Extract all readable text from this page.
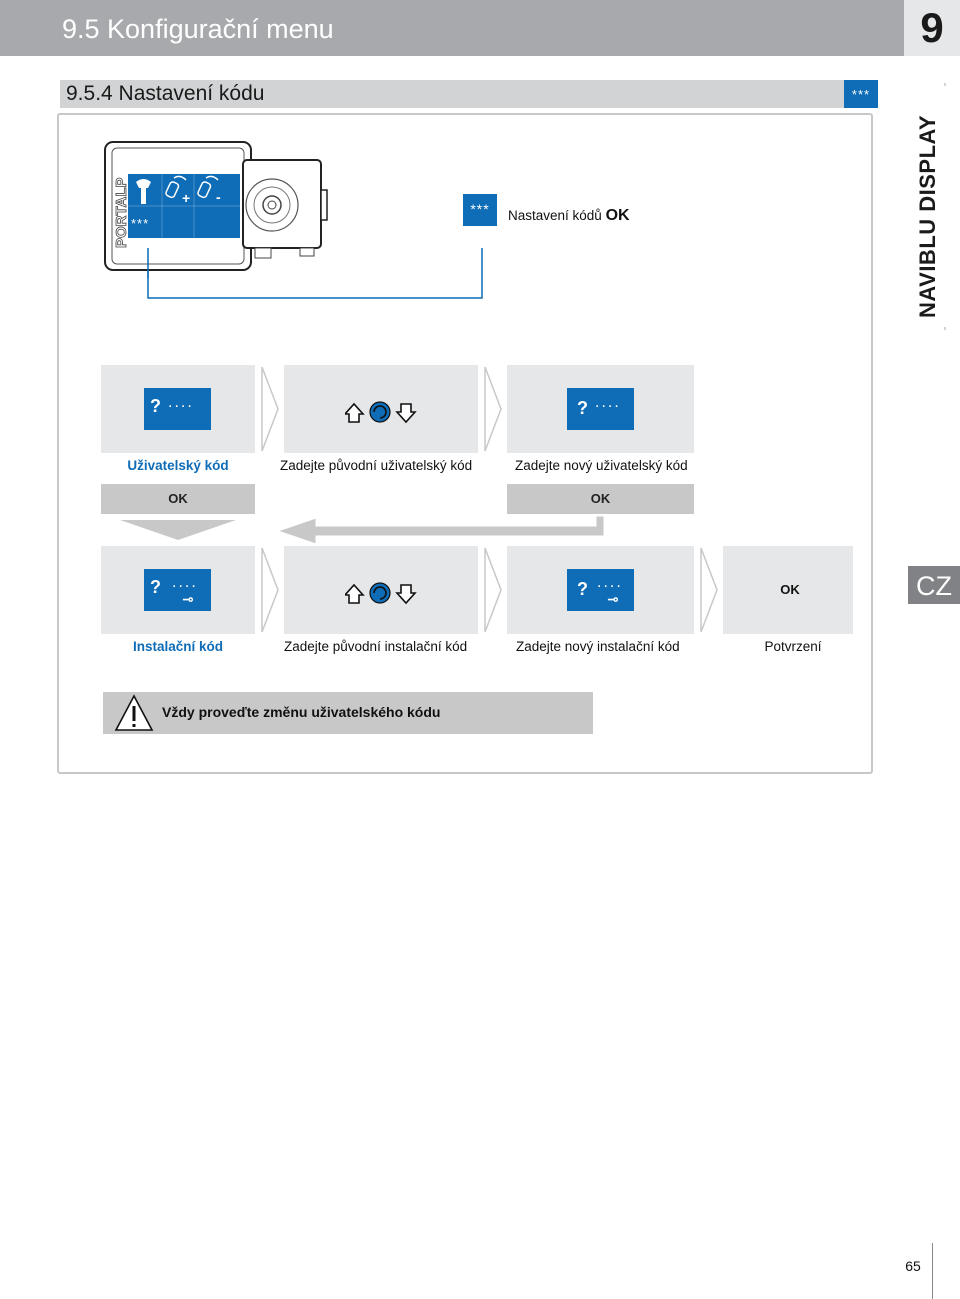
9.5 Konfigurační menu	9
9.5.4 Nastavení kódu	***
NAVIBLU DISPLAY
+ -
***
PORTALP	***	Nastavení kódů OK
? ....	? ....
Uživatelský kód	Zadejte původní uživatelský kód	Zadejte nový uživatelský kód
OK	OK
? ....
⊸	? ....
⊸
OK
Instalační kód	Zadejte původní instalační kód	Zadejte nový instalační kód	Potvrzení
Vždy proveďte změnu uživatelského kódu
CZ
65
